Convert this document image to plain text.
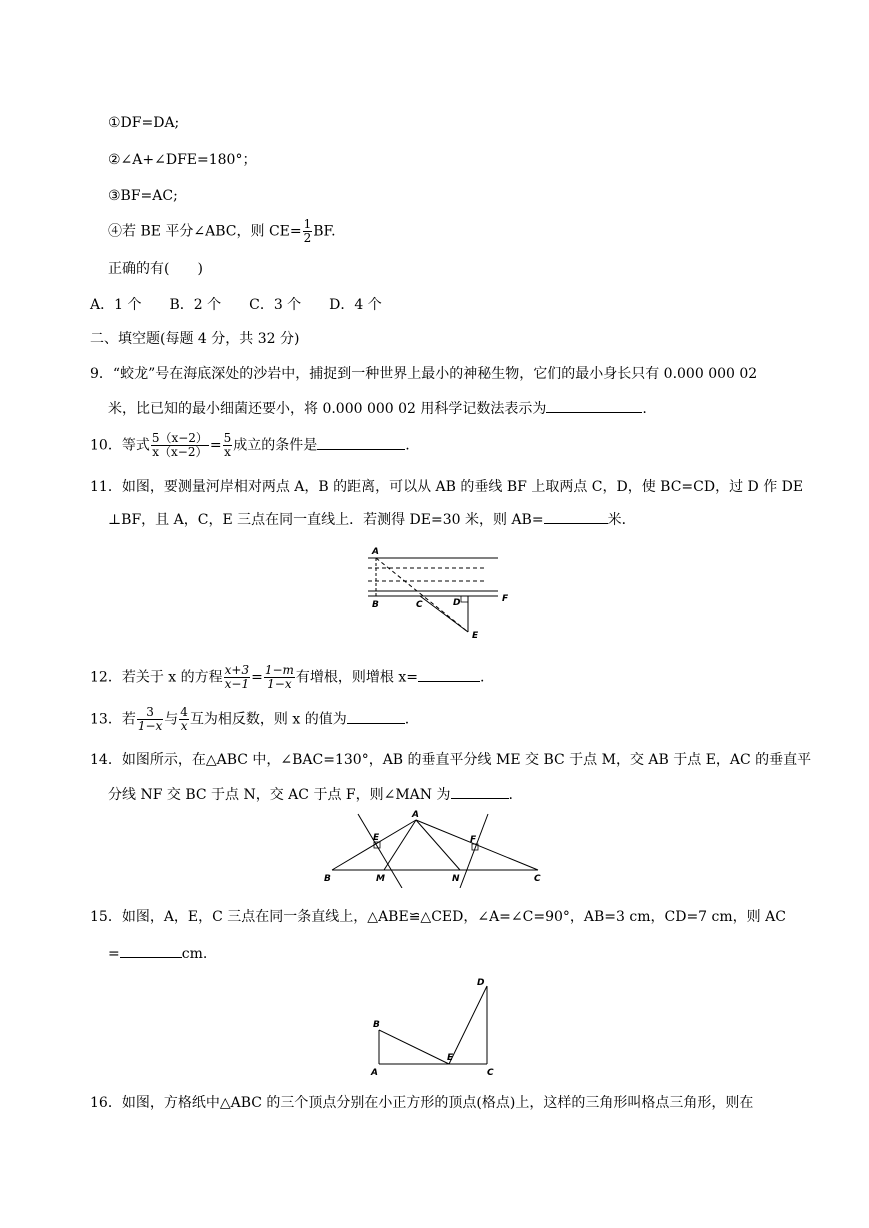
①DF=DA;
②∠A+∠DFE=180°；
③BF=AC;
④若 BE 平分∠ABC，则 $CE= \frac{1}{2}$ BF.
正确的有(　　)
A．1 个　　B．2 个　　C．3 个　　D．4 个
二、填空题(每题 4 分，共 32 分)
9．“蛟龙”号在海底深处的沙岩中，捕捉到一种世界上最小的神秘生物，它们的最小身长只有 0.000 000 02
米，比已知的最小细菌还要小，将 0.000 000 02 用科学记数法表示为	.
10．等式 $\frac{5(x-2)}{x(x-2)} = \frac{5}{x}$ 成立的条件是	.
11．如图，要测量河岸相对两点 A，B 的距离，可以从 AB 的垂线 BF 上取两点 C，D，使 BC=CD，过 D 作 DE
⊥BF，且 A，C，E 三点在同一直线上．若测得 DE=30 米，则 AB=	米．
A
B	C	D	F
E
12．若关于 x 的方程 $\frac{x+3}{x-1} = \frac{1-m}{1-x}$ 有增根，则增根 x=	.
13．若 $\frac{3}{1-x}$ 与 $\frac{4}{x}$ 互为相反数，则 x 的值为	.
14．如图所示，在△ABC 中，∠BAC=130°，AB 的垂直平分线 ME 交 BC 于点 M，交 AB 于点 E，AC 的垂直平
分线 NF 交 BC 于点 N，交 AC 于点 F，则∠MAN 为	.
A
B	C
E	F
M	N
15．如图，A，E，C 三点在同一条直线上，△ABE≌△CED，∠A=∠C=90°，AB=3 cm，CD=7 cm，则 AC
=	cm.
B
A
E
C
D
16．如图，方格纸中△ABC 的三个顶点分别在小正方形的顶点(格点)上，这样的三角形叫格点三角形，则在
